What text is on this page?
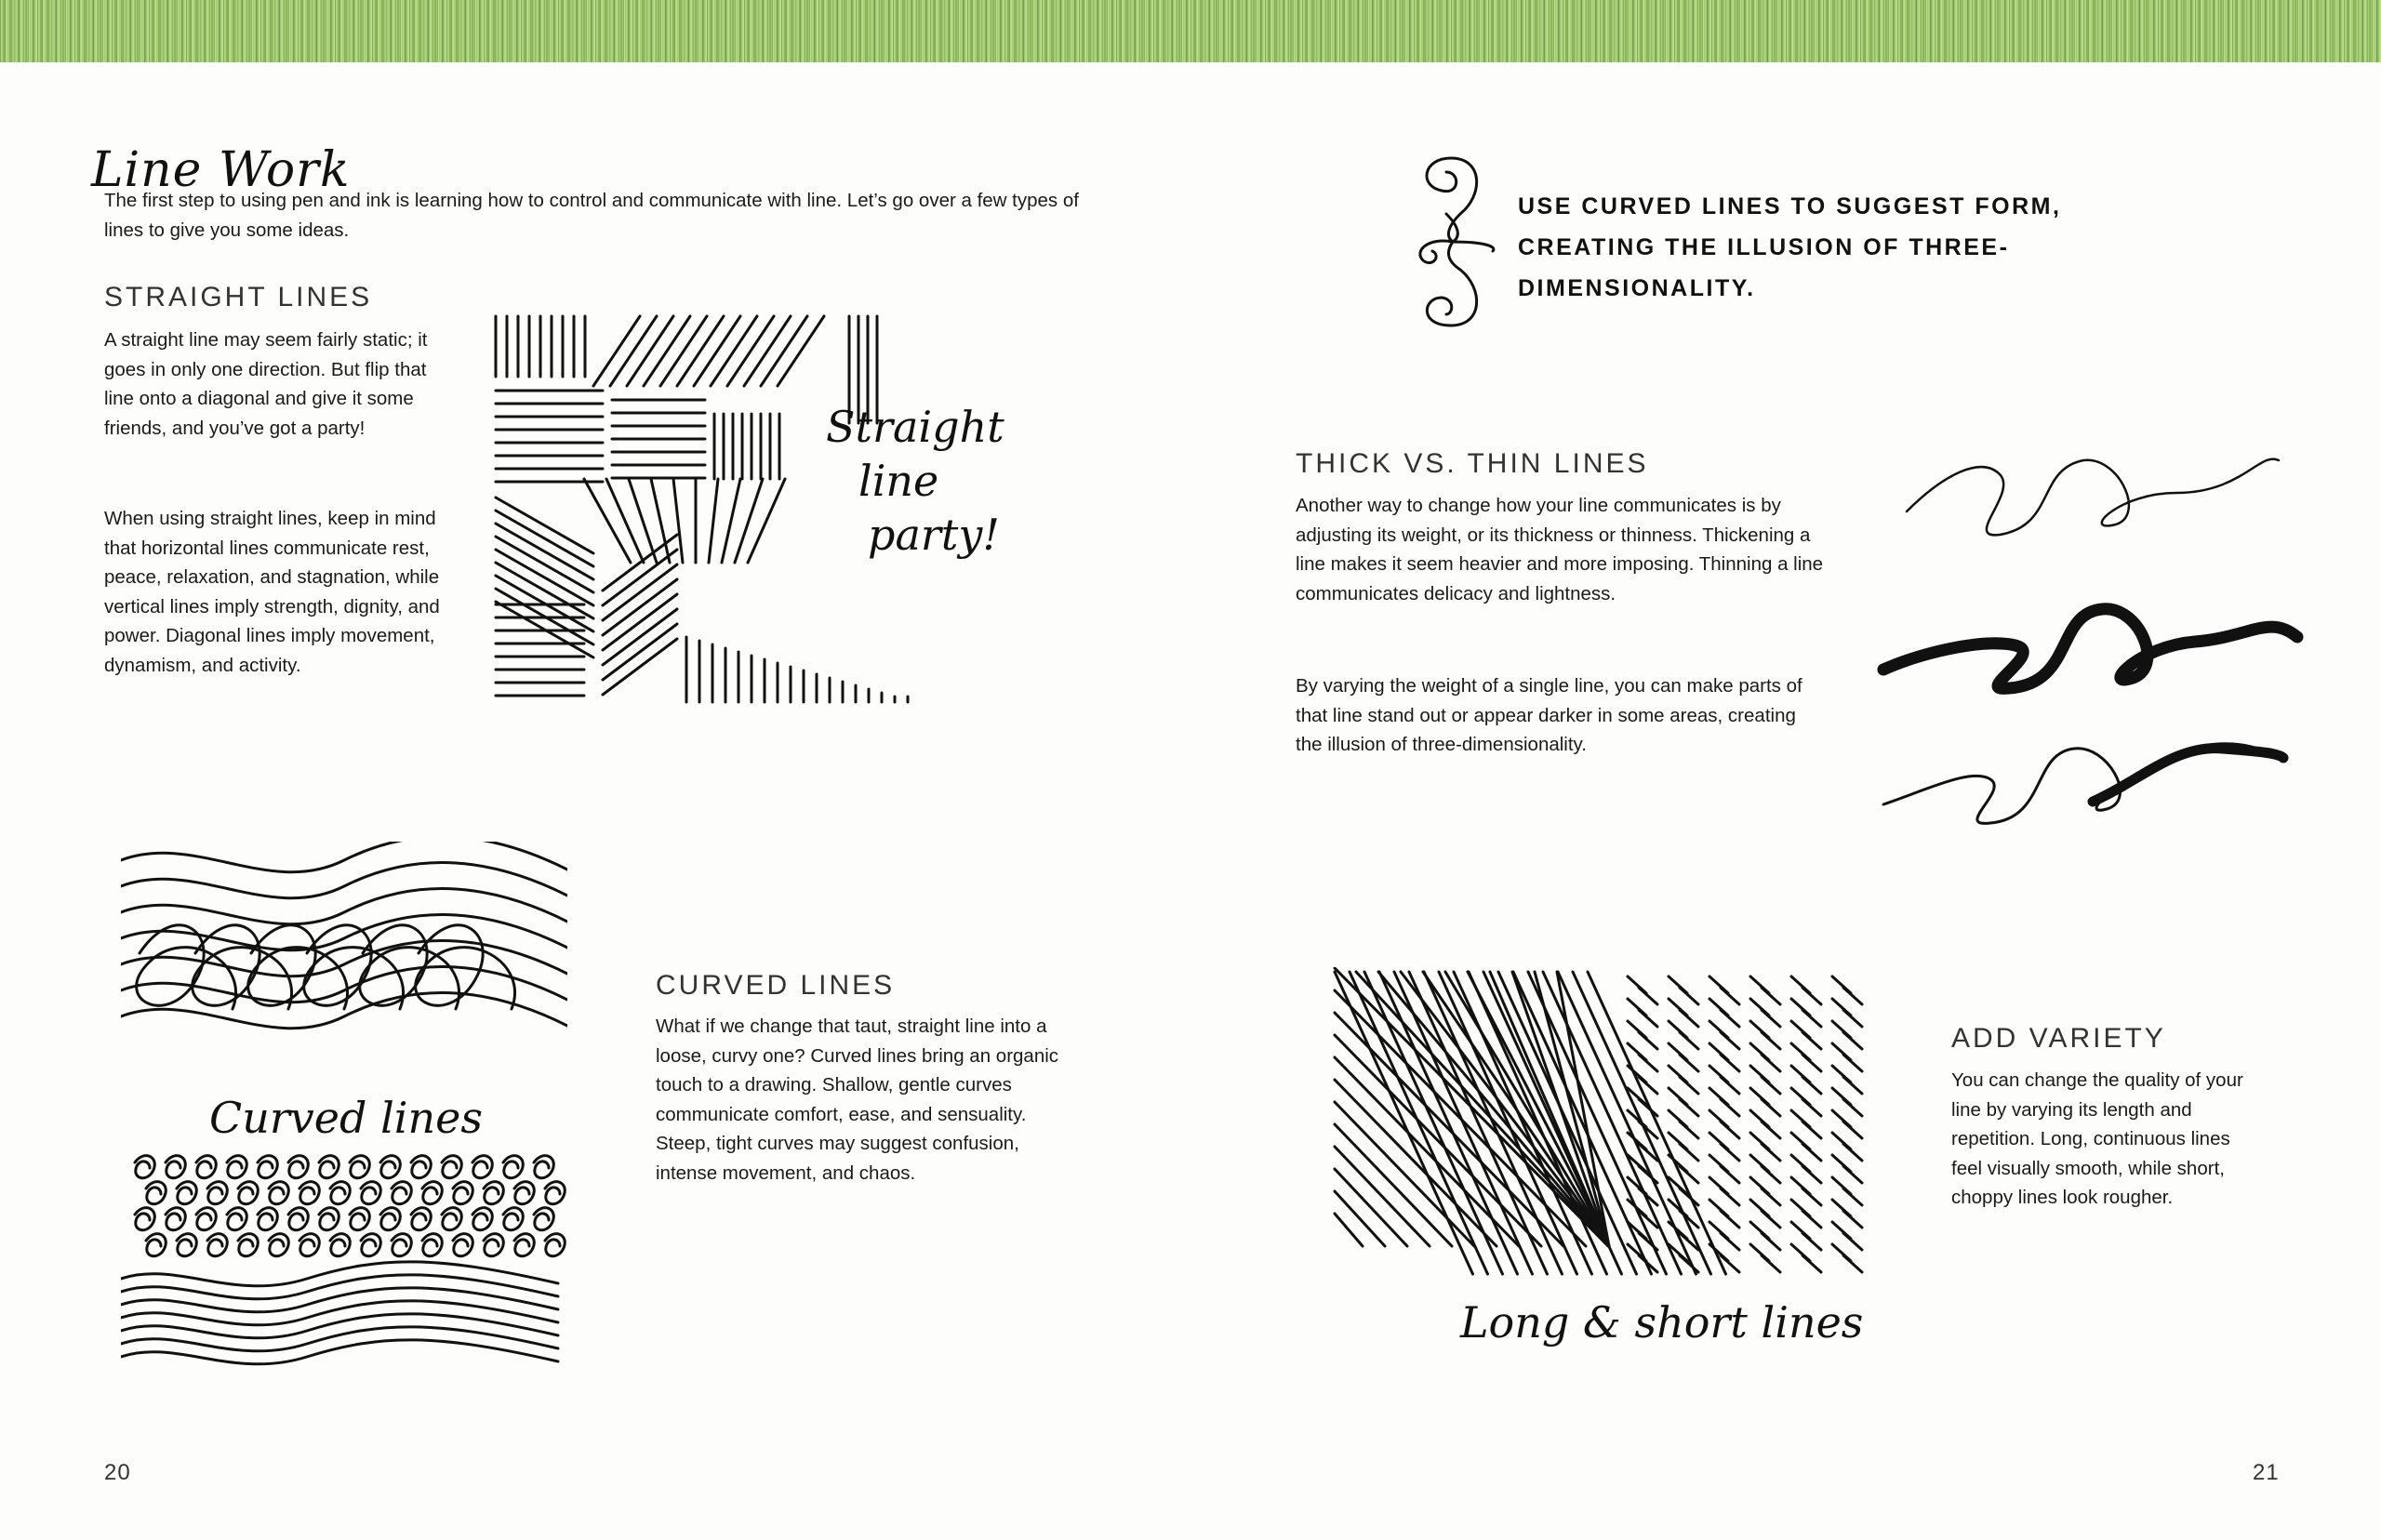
Line Work

The first step to using pen and ink is learning how to control and communicate with line. Let’s go over a few types of lines to give you some ideas.

STRAIGHT LINES

A straight line may seem fairly static; it goes in only one direction. But flip that line onto a diagonal and give it some friends, and you’ve got a party!

When using straight lines, keep in mind that horizontal lines communicate rest, peace, relaxation, and stagnation, while vertical lines imply strength, dignity, and power. Diagonal lines imply movement, dynamism, and activity.

Straight
line
party!

USE CURVED LINES TO SUGGEST FORM, CREATING THE ILLUSION OF THREE-DIMENSIONALITY.

THICK VS. THIN LINES

Another way to change how your line communicates is by adjusting its weight, or its thickness or thinness. Thickening a line makes it seem heavier and more imposing. Thinning a line communicates delicacy and lightness.

By varying the weight of a single line, you can make parts of that line stand out or appear darker in some areas, creating the illusion of three-dimensionality.

Curved lines
CURVED LINES

What if we change that taut, straight line into a loose, curvy one? Curved lines bring an organic touch to a drawing. Shallow, gentle curves communicate comfort, ease, and sensuality. Steep, tight curves may suggest confusion, intense movement, and chaos.

Long & short lines
ADD VARIETY

You can change the quality of your line by varying its length and repetition. Long, continuous lines feel visually smooth, while short, choppy lines look rougher.

20	21
